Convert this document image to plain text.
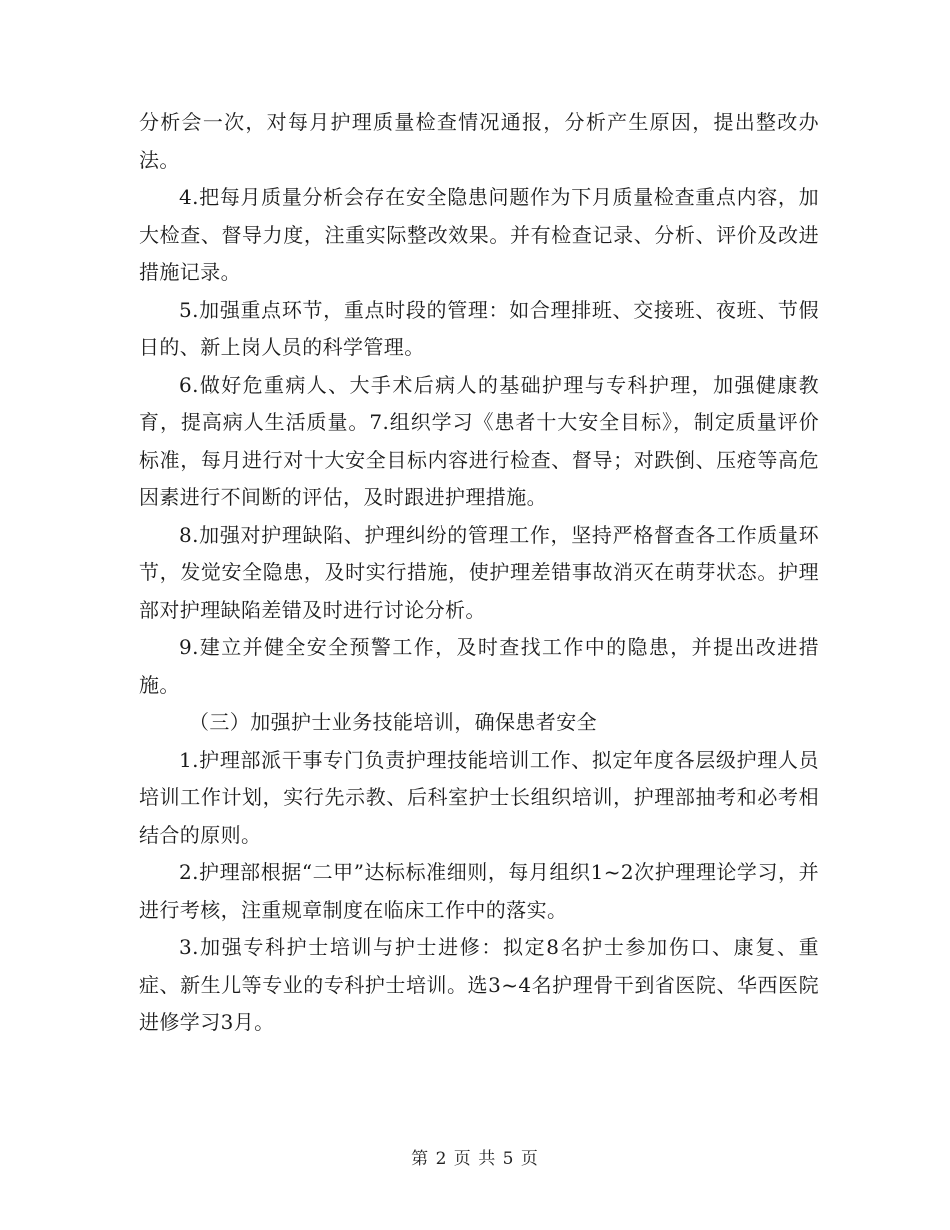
分析会一次，对每月护理质量检查情况通报，分析产生原因，提出整改办法。

4.把每月质量分析会存在安全隐患问题作为下月质量检查重点内容，加大检查、督导力度，注重实际整改效果。并有检查记录、分析、评价及改进措施记录。

5.加强重点环节，重点时段的管理：如合理排班、交接班、夜班、节假日的、新上岗人员的科学管理。

6.做好危重病人、大手术后病人的基础护理与专科护理，加强健康教育，提高病人生活质量。7.组织学习《患者十大安全目标》，制定质量评价标准，每月进行对十大安全目标内容进行检查、督导；对跌倒、压疮等高危因素进行不间断的评估，及时跟进护理措施。

8.加强对护理缺陷、护理纠纷的管理工作，坚持严格督查各工作质量环节，发觉安全隐患，及时实行措施，使护理差错事故消灭在萌芽状态。护理部对护理缺陷差错及时进行讨论分析。

9.建立并健全安全预警工作，及时查找工作中的隐患，并提出改进措施。

（三）加强护士业务技能培训，确保患者安全

1.护理部派干事专门负责护理技能培训工作、拟定年度各层级护理人员培训工作计划，实行先示教、后科室护士长组织培训，护理部抽考和必考相结合的原则。

2.护理部根据“二甲”达标标准细则，每月组织1~2次护理理论学习，并进行考核，注重规章制度在临床工作中的落实。

3.加强专科护士培训与护士进修：拟定8名护士参加伤口、康复、重症、新生儿等专业的专科护士培训。选3~4名护理骨干到省医院、华西医院进修学习3月。

第 2 页 共 5 页
